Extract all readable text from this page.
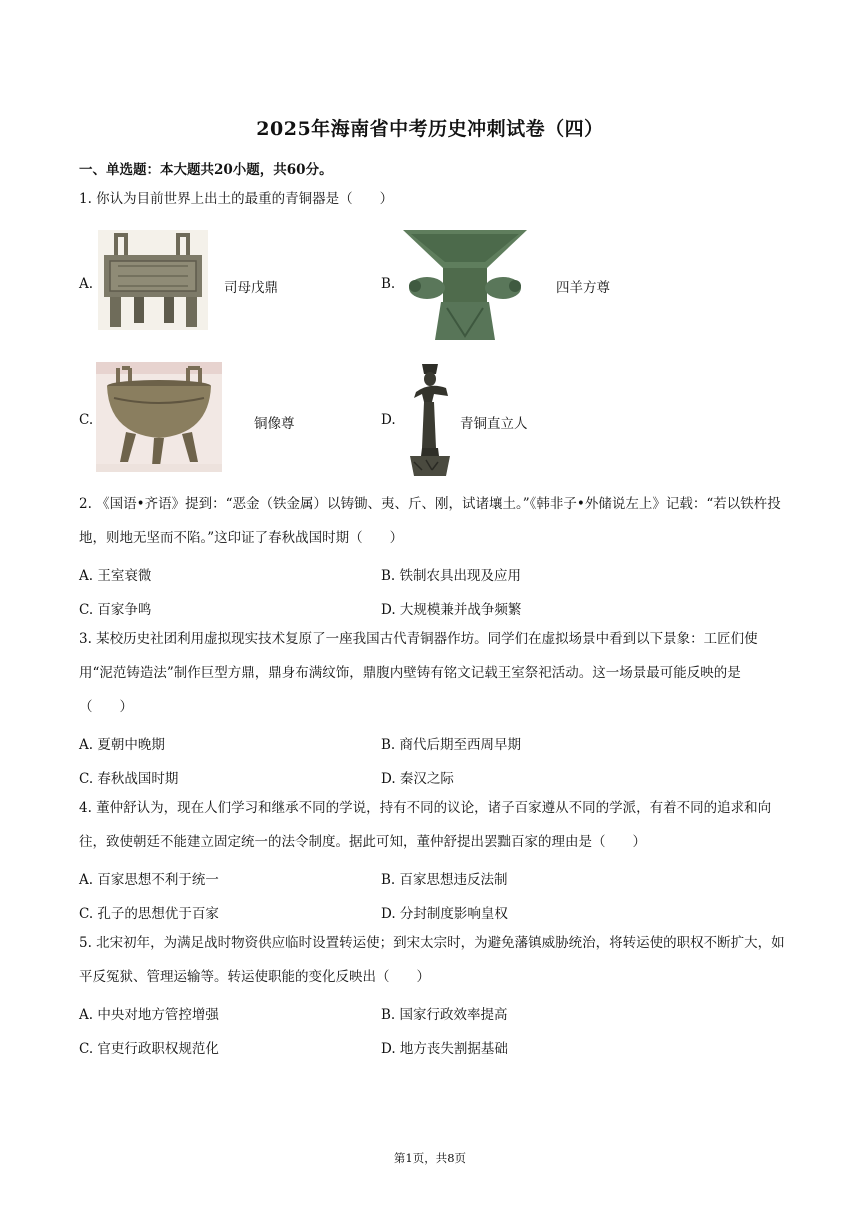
2025年海南省中考历史冲刺试卷（四）
一、单选题：本大题共20小题，共60分。
1. 你认为目前世界上出土的最重的青铜器是（　　）
A.	司母戊鼎	B.	四羊方尊
C.	铜像尊	D.	青铜直立人
2. 《国语•齐语》提到：“恶金（铁金属）以铸锄、夷、斤、刚，试诸壤土。”《韩非子•外储说左上》记载：“若以铁杵投地，则地无坚而不陷。”这印证了春秋战国时期（　　）
A. 王室衰微	B. 铁制农具出现及应用
C. 百家争鸣	D. 大规模兼并战争频繁
3. 某校历史社团利用虚拟现实技术复原了一座我国古代青铜器作坊。同学们在虚拟场景中看到以下景象：工匠们使用“泥范铸造法”制作巨型方鼎，鼎身布满纹饰，鼎腹内壁铸有铭文记载王室祭祀活动。这一场景最可能反映的是（　　）
A. 夏朝中晚期	B. 商代后期至西周早期
C. 春秋战国时期	D. 秦汉之际
4. 董仲舒认为，现在人们学习和继承不同的学说，持有不同的议论，诸子百家遵从不同的学派，有着不同的追求和向往，致使朝廷不能建立固定统一的法令制度。据此可知，董仲舒提出罢黜百家的理由是（　　）
A. 百家思想不利于统一	B. 百家思想违反法制
C. 孔子的思想优于百家	D. 分封制度影响皇权
5. 北宋初年，为满足战时物资供应临时设置转运使；到宋太宗时，为避免藩镇威胁统治，将转运使的职权不断扩大，如平反冤狱、管理运输等。转运使职能的变化反映出（　　）
A. 中央对地方管控增强	B. 国家行政效率提高
C. 官吏行政职权规范化	D. 地方丧失割据基础
第1页，共8页
